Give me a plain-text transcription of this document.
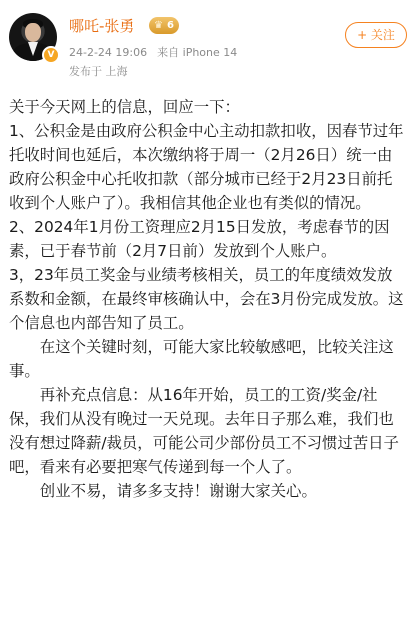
V
哪吒-张勇 ♛ 6
24-2-24 19:06 来自 iPhone 14
发布于 上海
+ 关注

关于今天网上的信息，回应一下：

1、公积金是由政府公积金中心主动扣款扣收，因春节过年托收时间也延后，本次缴纳将于周一（2月26日）统一由政府公积金中心托收扣款（部分城市已经于2月23日前托收到个人账户了）。我相信其他企业也有类似的情况。

2、2024年1月份工资理应2月15日发放，考虑春节的因素，已于春节前（2月7日前）发放到个人账户。

3，23年员工奖金与业绩考核相关，员工的年度绩效发放系数和金额，在最终审核确认中，会在3月份完成发放。这个信息也内部告知了员工。

在这个关键时刻，可能大家比较敏感吧，比较关注这事。

再补充点信息：从16年开始，员工的工资/奖金/社保，我们从没有晚过一天兑现。去年日子那么难，我们也没有想过降薪/裁员，可能公司少部份员工不习惯过苦日子吧，看来有必要把寒气传递到每一个人了。

创业不易，请多多支持！谢谢大家关心。
